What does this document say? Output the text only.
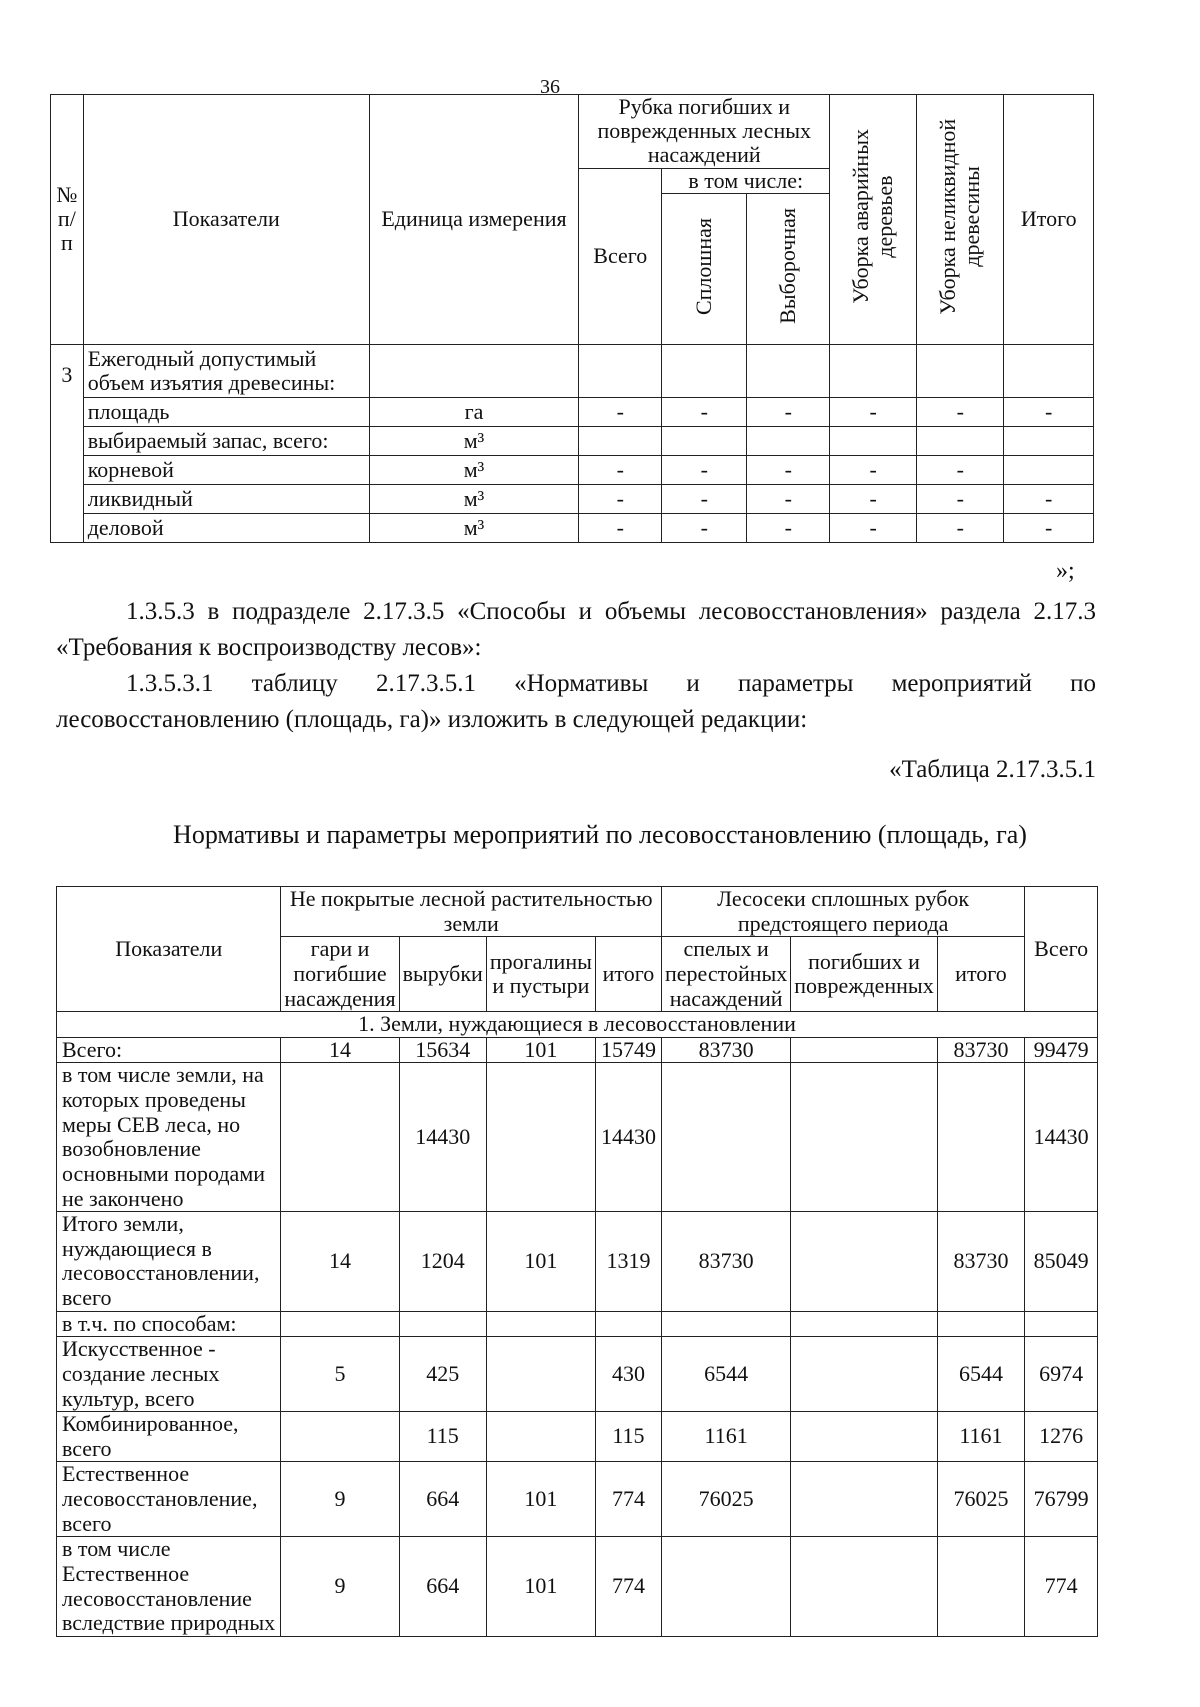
36
№ п/п	Показатели	Единица измерения	Рубка погибших и поврежденных лесных насаждений			Уборка аварийных деревьев	Уборка неликвидной древесины	Итого
			Всего	в том числе:				
				Сплошная	Выборочная			
3	Ежегодный допустимый объем изъятия древесины:							
	площадь	га	-	-	-	-	-	-
	выбираемый запас, всего:	м³						
	корневой	м³	-	-	-	-	-	
	ликвидный	м³	-	-	-	-	-	-
	деловой	м³	-	-	-	-	-	-
»;
1.3.5.3 в подразделе 2.17.3.5 «Способы и объемы лесовосстановления» раздела 2.17.3 «Требования к воспроизводству лесов»:
1.3.5.3.1 таблицу 2.17.3.5.1 «Нормативы и параметры мероприятий по лесовосстановлению (площадь, га)» изложить в следующей редакции:
«Таблица 2.17.3.5.1
Нормативы и параметры мероприятий по лесовосстановлению (площадь, га)
Показатели	Не покрытые лесной растительностью земли				Лесосеки сплошных рубок предстоящего периода			Всего
	гари и погибшие насаждения	вырубки	прогалины и пустыри	итого	спелых и перестойных насаждений	погибших и поврежденных	итого	
1. Земли, нуждающиеся в лесовосстановлении								
Всего:	14	15634	101	15749	83730		83730	99479
в том числе земли, на которых проведены меры СЕВ леса, но возобновление основными породами не закончено		14430		14430				14430
Итого земли, нуждающиеся в лесовосстановлении, всего	14	1204	101	1319	83730		83730	85049
в т.ч. по способам:								
Искусственное - создание лесных культур, всего	5	425		430	6544		6544	6974
Комбинированное, всего		115		115	1161		1161	1276
Естественное лесовосстановление, всего	9	664	101	774	76025		76025	76799
в том числе Естественное лесовосстановление вследствие природных	9	664	101	774				774
